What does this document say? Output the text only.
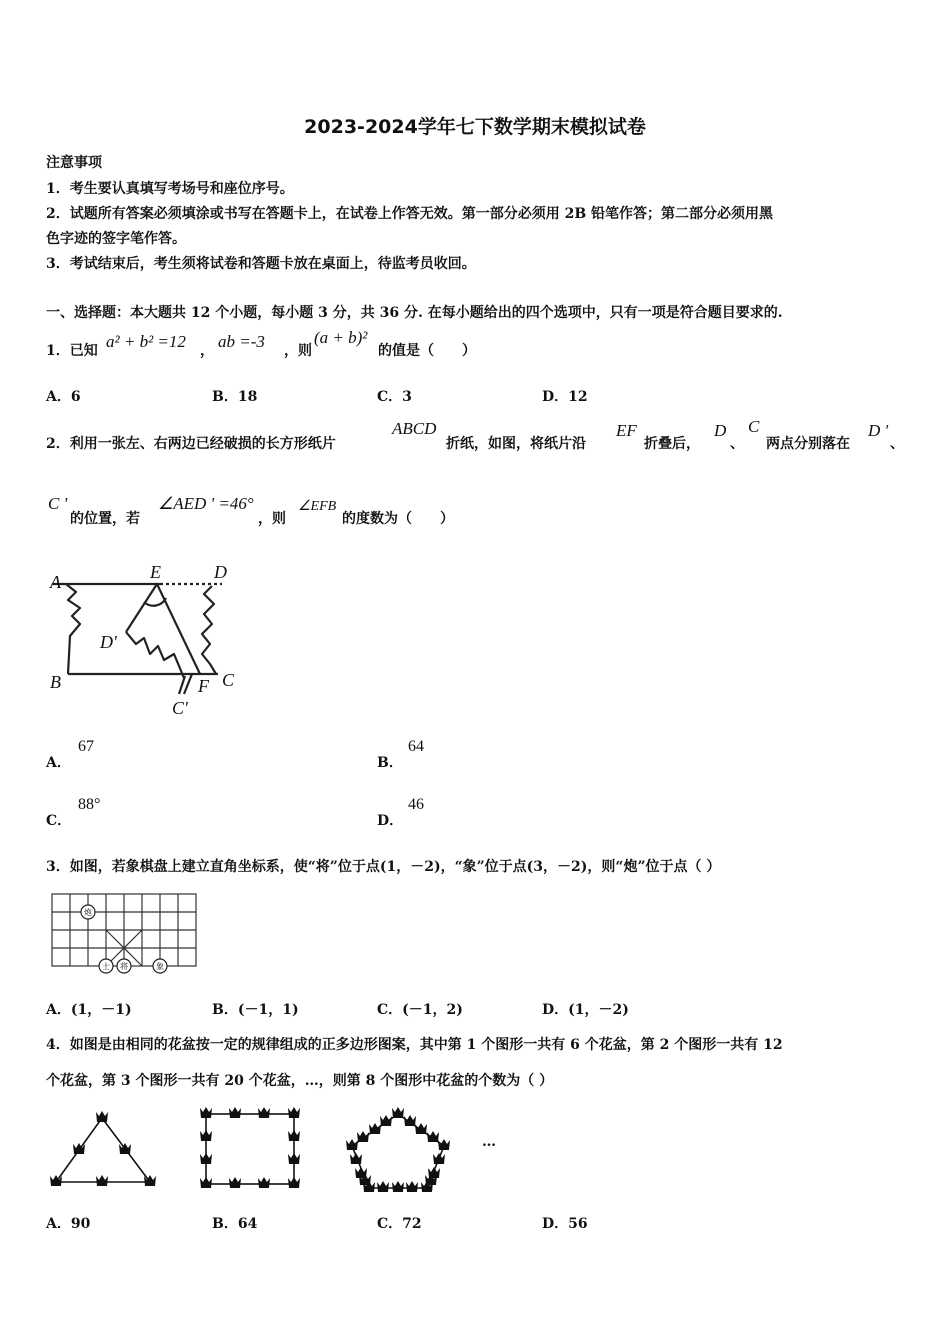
2023-2024学年七下数学期末模拟试卷
注意事项
1．考生要认真填写考场号和座位序号。
2．试题所有答案必须填涂或书写在答题卡上，在试卷上作答无效。第一部分必须用 2B 铅笔作答；第二部分必须用黑
色字迹的签字笔作答。
3．考试结束后，考生须将试卷和答题卡放在桌面上，待监考员收回。
一、选择题：本大题共 12 个小题，每小题 3 分，共 36 分. 在每小题给出的四个选项中，只有一项是符合题目要求的.
1．已知 a² + b² =12 ， ab =-3 ，则
(a + b)²
的值是（　　）
A．6	B．18	C．3	D．12
2．利用一张左、右两边已经破损的长方形纸片
ABCD
折纸，如图，将纸片沿
EF
折叠后，
D
、
C
两点分别落在
D '
、
C '
的位置，若
∠AED ' =46°
，则
∠EFB
的度数为（　　）
A	E	D
D'
B	F C
C'
A．
67
B．
64
C．
88°
D．
46
3．如图，若象棋盘上建立直角坐标系，使“将”位于点(1，－2)，“象”位于点(3，－2)，则“炮”位于点（ ）
炮
士 将	象
A．(1，－1)	B．(－1，1)	C．(－1，2)	D．(1，－2)
4．如图是由相同的花盆按一定的规律组成的正多边形图案，其中第 1 个图形一共有 6 个花盆，第 2 个图形一共有 12
个花盆，第 3 个图形一共有 20 个花盆，…，则第 8 个图形中花盆的个数为（ ）
…
A．90	B．64	C．72	D．56
